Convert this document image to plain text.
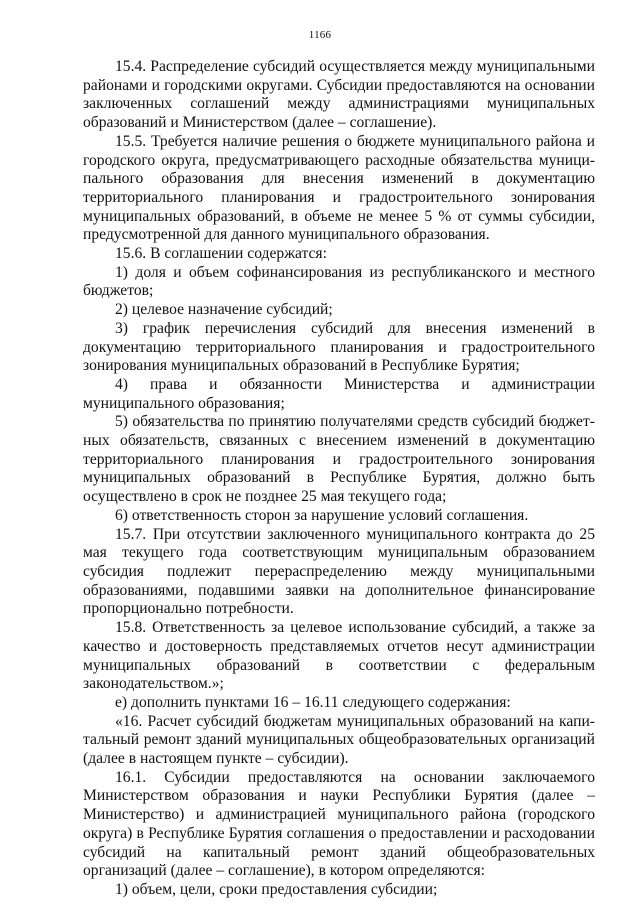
1166

15.4. Распределение субсидий осуществляется между муниципальными районами и городскими округами. Субсидии предоставляются на основании заключенных соглашений между администрациями муниципальных образований и Министерством (далее – соглашение).

15.5. Требуется наличие решения о бюджете муниципального района и городского округа, предусматривающего расходные обязательства муниципального образования для внесения изменений в документацию территориального планирования и градостроительного зонирования муниципальных образований, в объеме не менее 5 % от суммы субсидии, предусмотренной для данного муниципального образования.

15.6. В соглашении содержатся:

1) доля и объем софинансирования из республиканского и местного бюджетов;

2) целевое назначение субсидий;

3) график перечисления субсидий для внесения изменений в документацию территориального планирования и градостроительного зонирования муниципальных образований в Республике Бурятия;

4) права и обязанности Министерства и администрации муниципального образования;

5) обязательства по принятию получателями средств субсидий бюджетных обязательств, связанных с внесением изменений в документацию территориального планирования и градостроительного зонирования муниципальных образований в Республике Бурятия, должно быть осуществлено в срок не позднее 25 мая текущего года;

6) ответственность сторон за нарушение условий соглашения.

15.7. При отсутствии заключенного муниципального контракта до 25 мая текущего года соответствующим муниципальным образованием субсидия подлежит перераспределению между муниципальными образованиями, подавшими заявки на дополнительное финансирование пропорционально потребности.

15.8. Ответственность за целевое использование субсидий, а также за качество и достоверность представляемых отчетов несут администрации муниципальных образований в соответствии с федеральным законодательством.»;

е) дополнить пунктами 16 – 16.11 следующего содержания:

«16. Расчет субсидий бюджетам муниципальных образований на капитальный ремонт зданий муниципальных общеобразовательных организаций (далее в настоящем пункте – субсидии).

16.1. Субсидии предоставляются на основании заключаемого Министерством образования и науки Республики Бурятия (далее – Министерство) и администрацией муниципального района (городского округа) в Республике Бурятия соглашения о предоставлении и расходовании субсидий на капитальный ремонт зданий общеобразовательных организаций (далее – соглашение), в котором определяются:

1) объем, цели, сроки предоставления субсидии;
